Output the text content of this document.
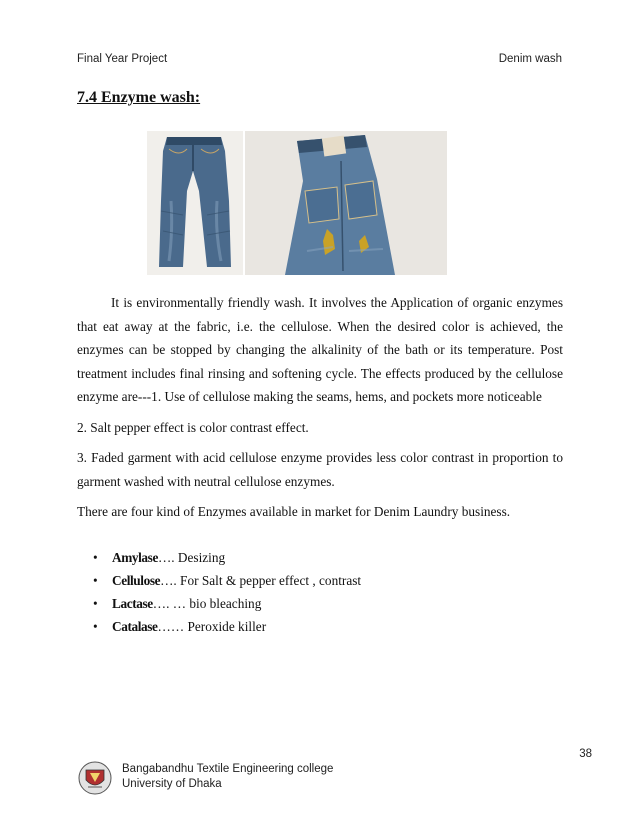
Final Year Project	Denim wash
7.4 Enzyme wash:

It is environmentally friendly wash. It involves the Application of organic enzymes that eat away at the fabric, i.e. the cellulose. When the desired color is achieved, the enzymes can be stopped by changing the alkalinity of the bath or its temperature. Post treatment includes final rinsing and softening cycle. The effects produced by the cellulose enzyme are---1. Use of cellulose making the seams, hems, and pockets more noticeable

2. Salt pepper effect is color contrast effect.

3. Faded garment with acid cellulose enzyme provides less color contrast in proportion to garment washed with neutral cellulose enzymes.

There are four kind of Enzymes available in market for Denim Laundry business.

• Amylase…. Desizing
• Cellulose…. For Salt & pepper effect , contrast
• Lactase…. … bio bleaching
• Catalase…… Peroxide killer
38
Bangabandhu Textile Engineering college
University of Dhaka
